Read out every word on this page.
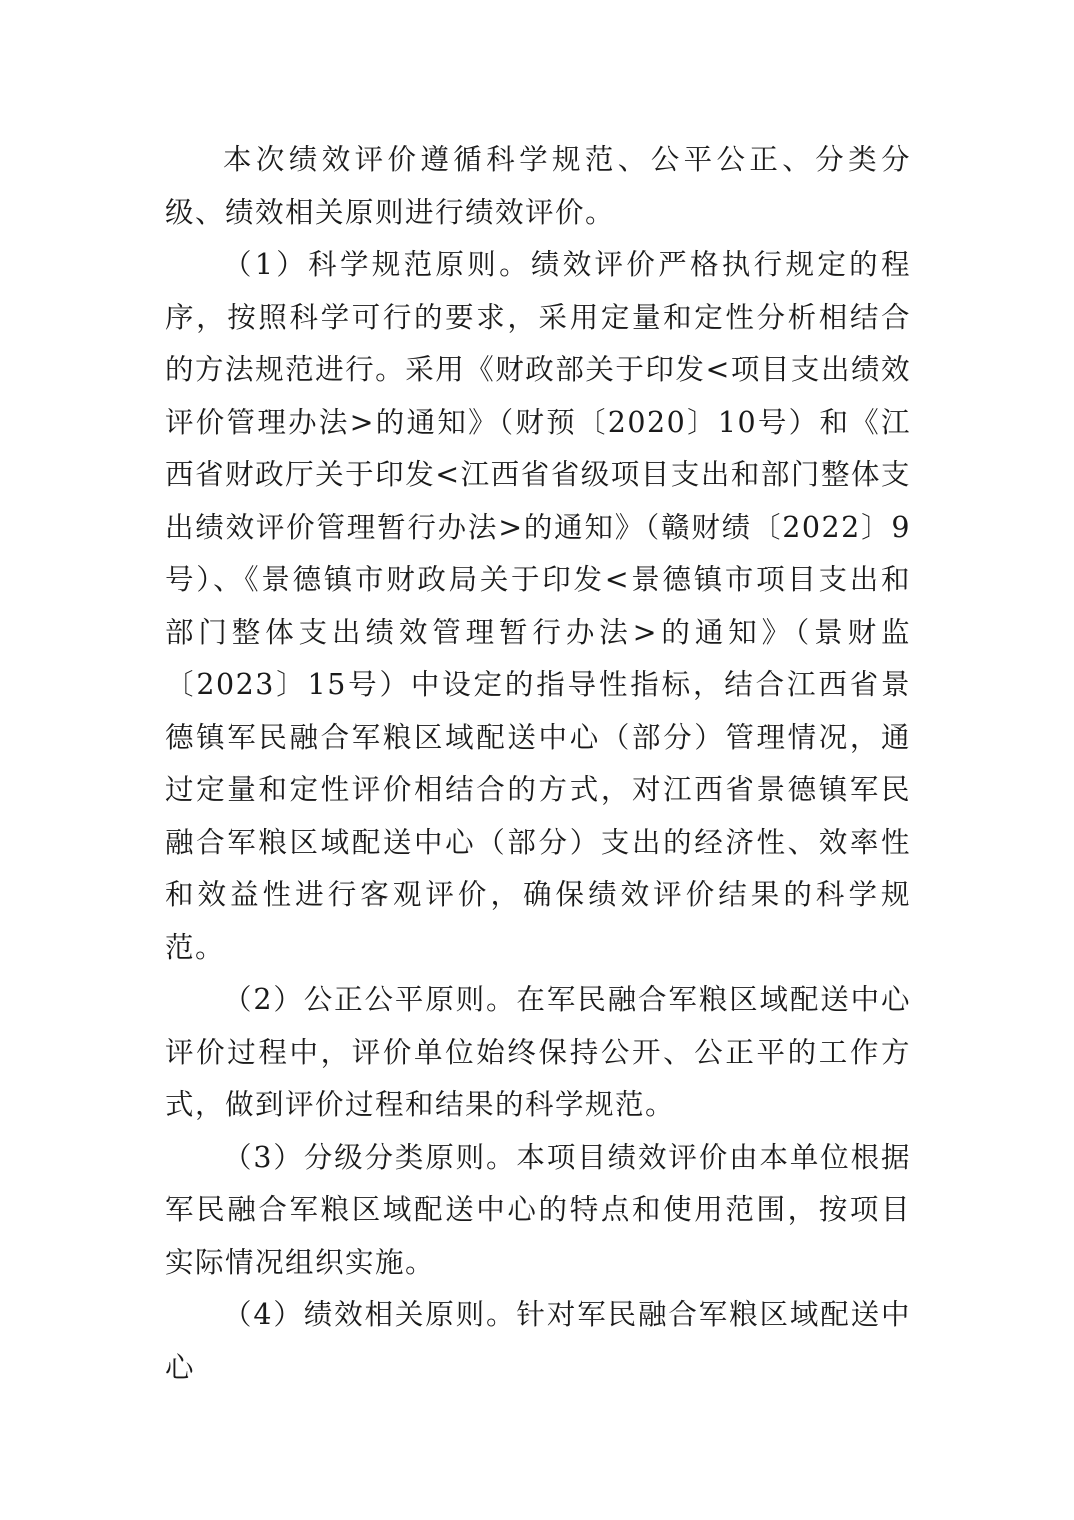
本次绩效评价遵循科学规范、公平公正、分类分级、绩效相关原则进行绩效评价。

（1）科学规范原则。绩效评价严格执行规定的程序，按照科学可行的要求，采用定量和定性分析相结合的方法规范进行。采用《财政部关于印发<项目支出绩效评价管理办法>的通知》（财预〔2020〕10号）和《江西省财政厅关于印发<江西省省级项目支出和部门整体支出绩效评价管理暂行办法>的通知》（赣财绩〔2022〕9 号）、《景德镇市财政局关于印发<景德镇市项目支出和部门整体支出绩效管理暂行办法>的通知》（景财监〔2023〕15号）中设定的指导性指标，结合江西省景德镇军民融合军粮区域配送中心（部分）管理情况，通过定量和定性评价相结合的方式，对江西省景德镇军民融合军粮区域配送中心（部分）支出的经济性、效率性和效益性进行客观评价，确保绩效评价结果的科学规范。

（2）公正公平原则。在军民融合军粮区域配送中心评价过程中，评价单位始终保持公开、公正平的工作方式，做到评价过程和结果的科学规范。

（3）分级分类原则。本项目绩效评价由本单位根据军民融合军粮区域配送中心的特点和使用范围，按项目实际情况组织实施。

（4）绩效相关原则。针对军民融合军粮区域配送中心
